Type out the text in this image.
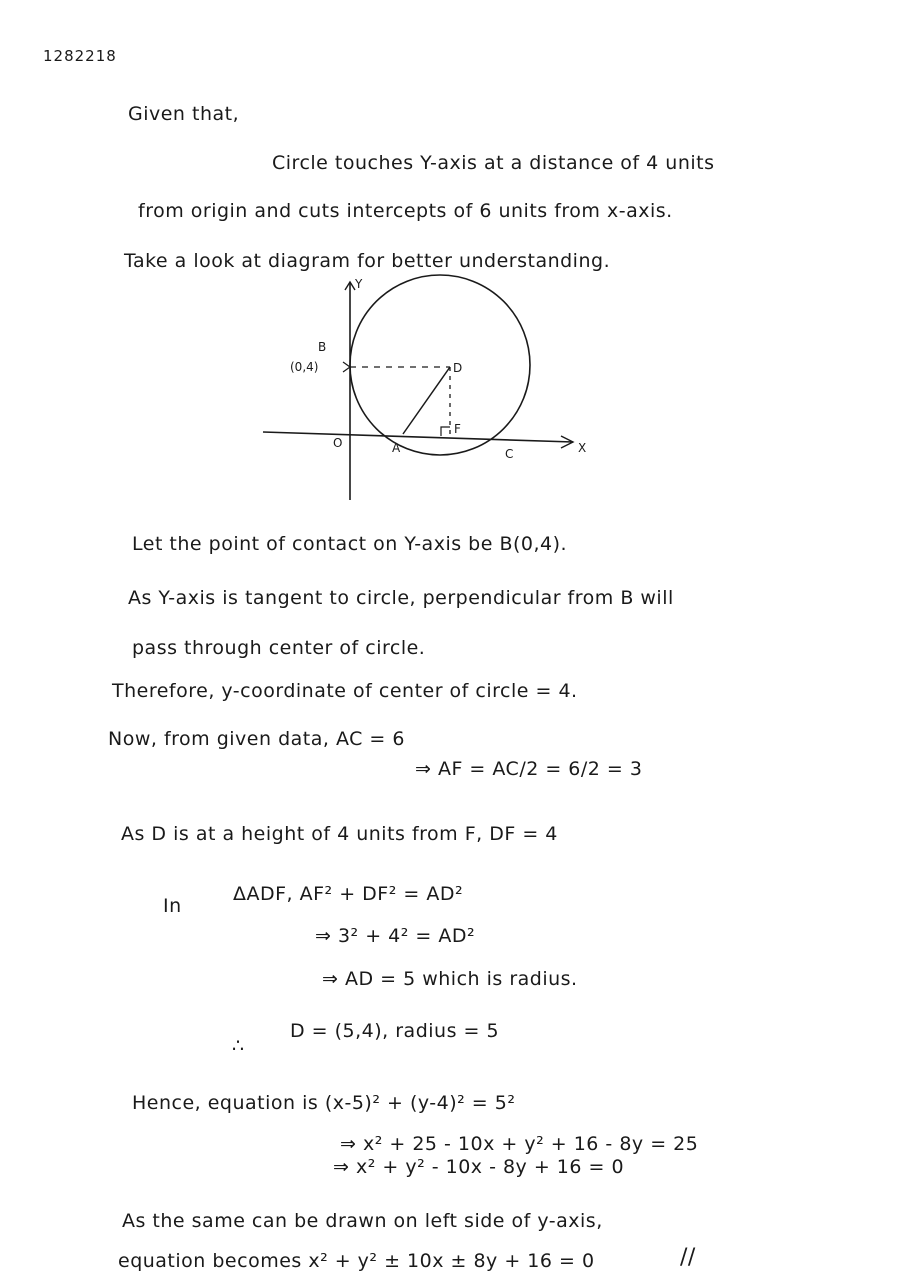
1282218
Given that,
Circle touches Y-axis at a distance of 4 units
from origin and cuts intercepts of 6 units from x-axis.
Take a look at diagram for better understanding.
X
Y
B
(0,4)	D
F
A	C
O
Let the point of contact on Y-axis be B(0,4).
As Y-axis is tangent to circle, perpendicular from B will
pass through center of circle.
Therefore, y-coordinate of center of circle = 4.
Now, from given data, AC = 6
⇒ AF = AC/2 = 6/2 = 3
As D is at a height of 4 units from F, DF = 4
In
ΔADF, AF² + DF² = AD²
⇒ 3² + 4² = AD²
⇒ AD = 5 which is radius.
∴
D = (5,4), radius = 5
Hence, equation is (x-5)² + (y-4)² = 5²
⇒ x² + 25 - 10x + y² + 16 - 8y = 25
⇒ x² + y² - 10x - 8y + 16 = 0
As the same can be drawn on left side of y-axis,
equation becomes x² + y² ± 10x ± 8y + 16 = 0	//
